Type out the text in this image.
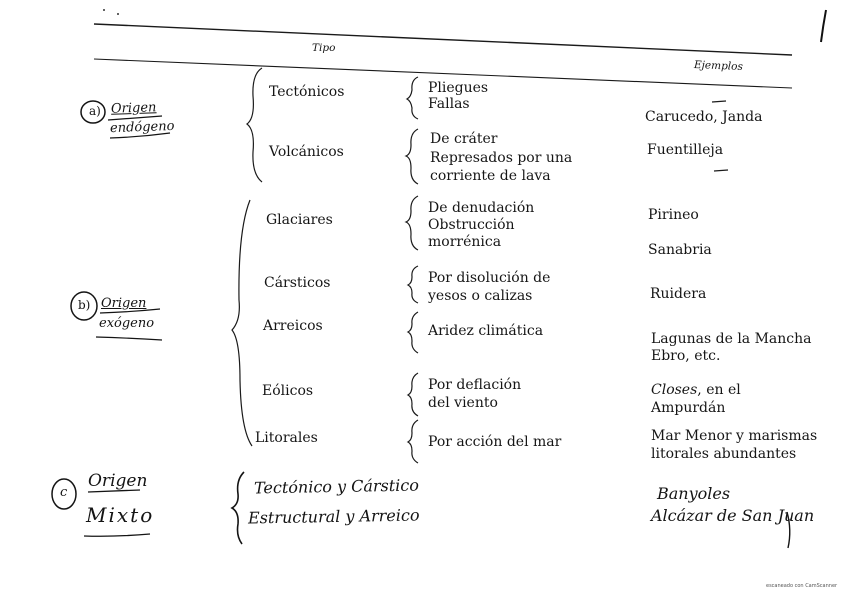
Tipo
Ejemplos
a) Origen
endógeno
b) Origen
exógeno
c
Origen
Mixto
Tectónicos
Volcánicos
Glaciares
Cársticos
Arreicos
Eólicos
Litorales
Pliegues
Fallas
De cráter
Represados por una
corriente de lava
De denudación
Obstrucción
morrénica
Por disolución de
yesos o calizas
Aridez climática
Por deflación
del viento
Por acción del mar
Carucedo, Janda
Fuentilleja
Pirineo
Sanabria
Ruidera
Lagunas de la Mancha
Ebro, etc.
Closes, en el
Ampurdán
Mar Menor y marismas
litorales abundantes
Tectónico y Cárstico
Estructural y Arreico
Banyoles
Alcázar de San Juan
escaneado con CamScanner
